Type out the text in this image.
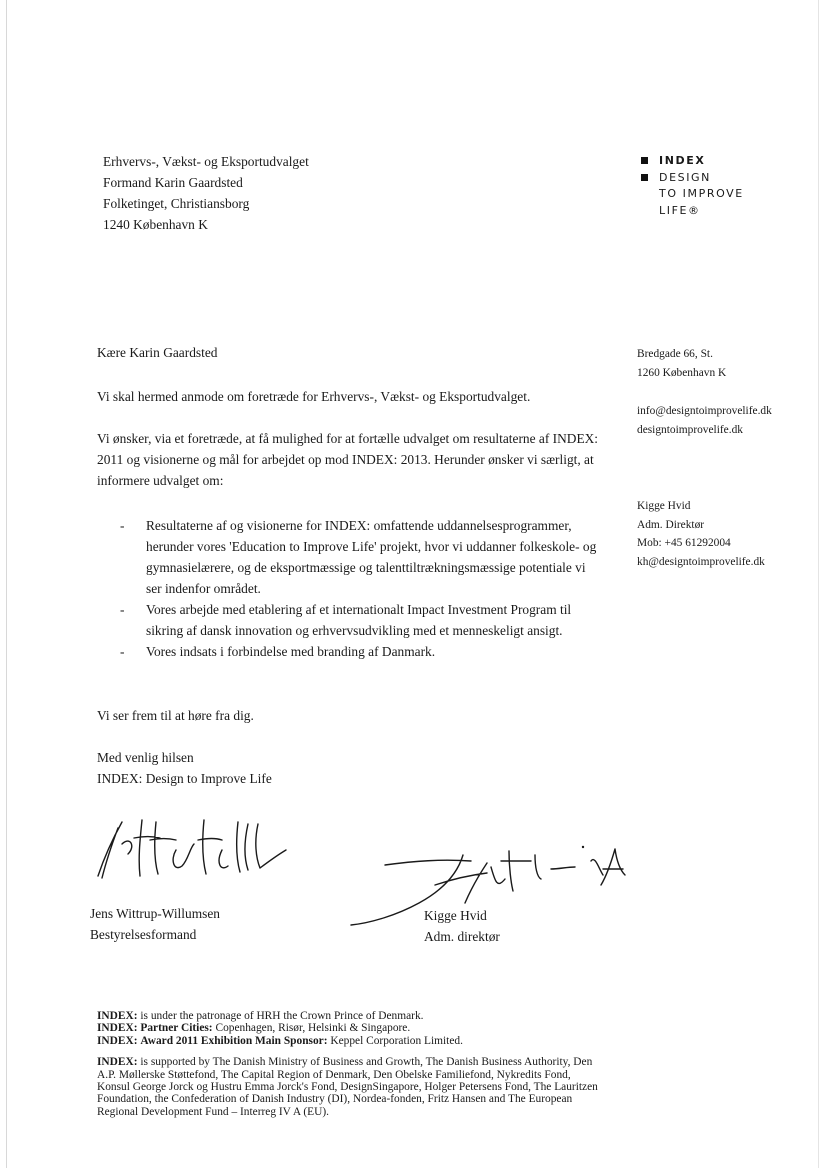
Erhvervs-, Vækst- og Eksportudvalget
Formand Karin Gaardsted
Folketinget, Christiansborg
1240 København K
INDEX
DESIGN
TO IMPROVE
LIFE®
Bredgade 66, St.
1260 København K
info@designtoimprovelife.dk
designtoimprovelife.dk
Kigge Hvid
Adm. Direktør
Mob: +45 61292004
kh@designtoimprovelife.dk
Kære Karin Gaardsted
Vi skal hermed anmode om foretræde for Erhvervs-, Vækst- og Eksportudvalget.
Vi ønsker, via et foretræde, at få mulighed for at fortælle udvalget om resultaterne af INDEX: 2011 og visionerne og mål for arbejdet op mod INDEX: 2013. Herunder ønsker vi særligt, at informere udvalget om:
- Resultaterne af og visionerne for INDEX: omfattende uddannelsesprogrammer, herunder vores 'Education to Improve Life' projekt, hvor vi uddanner folkeskole- og gymnasielærere, og de eksportmæssige og talenttiltrækningsmæssige potentiale vi ser indenfor området.
- Vores arbejde med etablering af et internationalt Impact Investment Program til sikring af dansk innovation og erhvervsudvikling med et menneskeligt ansigt.
- Vores indsats i forbindelse med branding af Danmark.
Vi ser frem til at høre fra dig.
Med venlig hilsen
INDEX: Design to Improve Life
Jens Wittrup-Willumsen
Bestyrelsesformand
Kigge Hvid
Adm. direktør

INDEX: is under the patronage of HRH the Crown Prince of Denmark.

INDEX: Partner Cities: Copenhagen, Risør, Helsinki & Singapore.

INDEX: Award 2011 Exhibition Main Sponsor: Keppel Corporation Limited.

INDEX: is supported by The Danish Ministry of Business and Growth, The Danish Business Authority, Den A.P. Møllerske Støttefond, The Capital Region of Denmark, Den Obelske Familiefond, Nykredits Fond, Konsul George Jorck og Hustru Emma Jorck's Fond, DesignSingapore, Holger Petersens Fond, The Lauritzen Foundation, the Confederation of Danish Industry (DI), Nordea-fonden, Fritz Hansen and The European Regional Development Fund – Interreg IV A (EU).
